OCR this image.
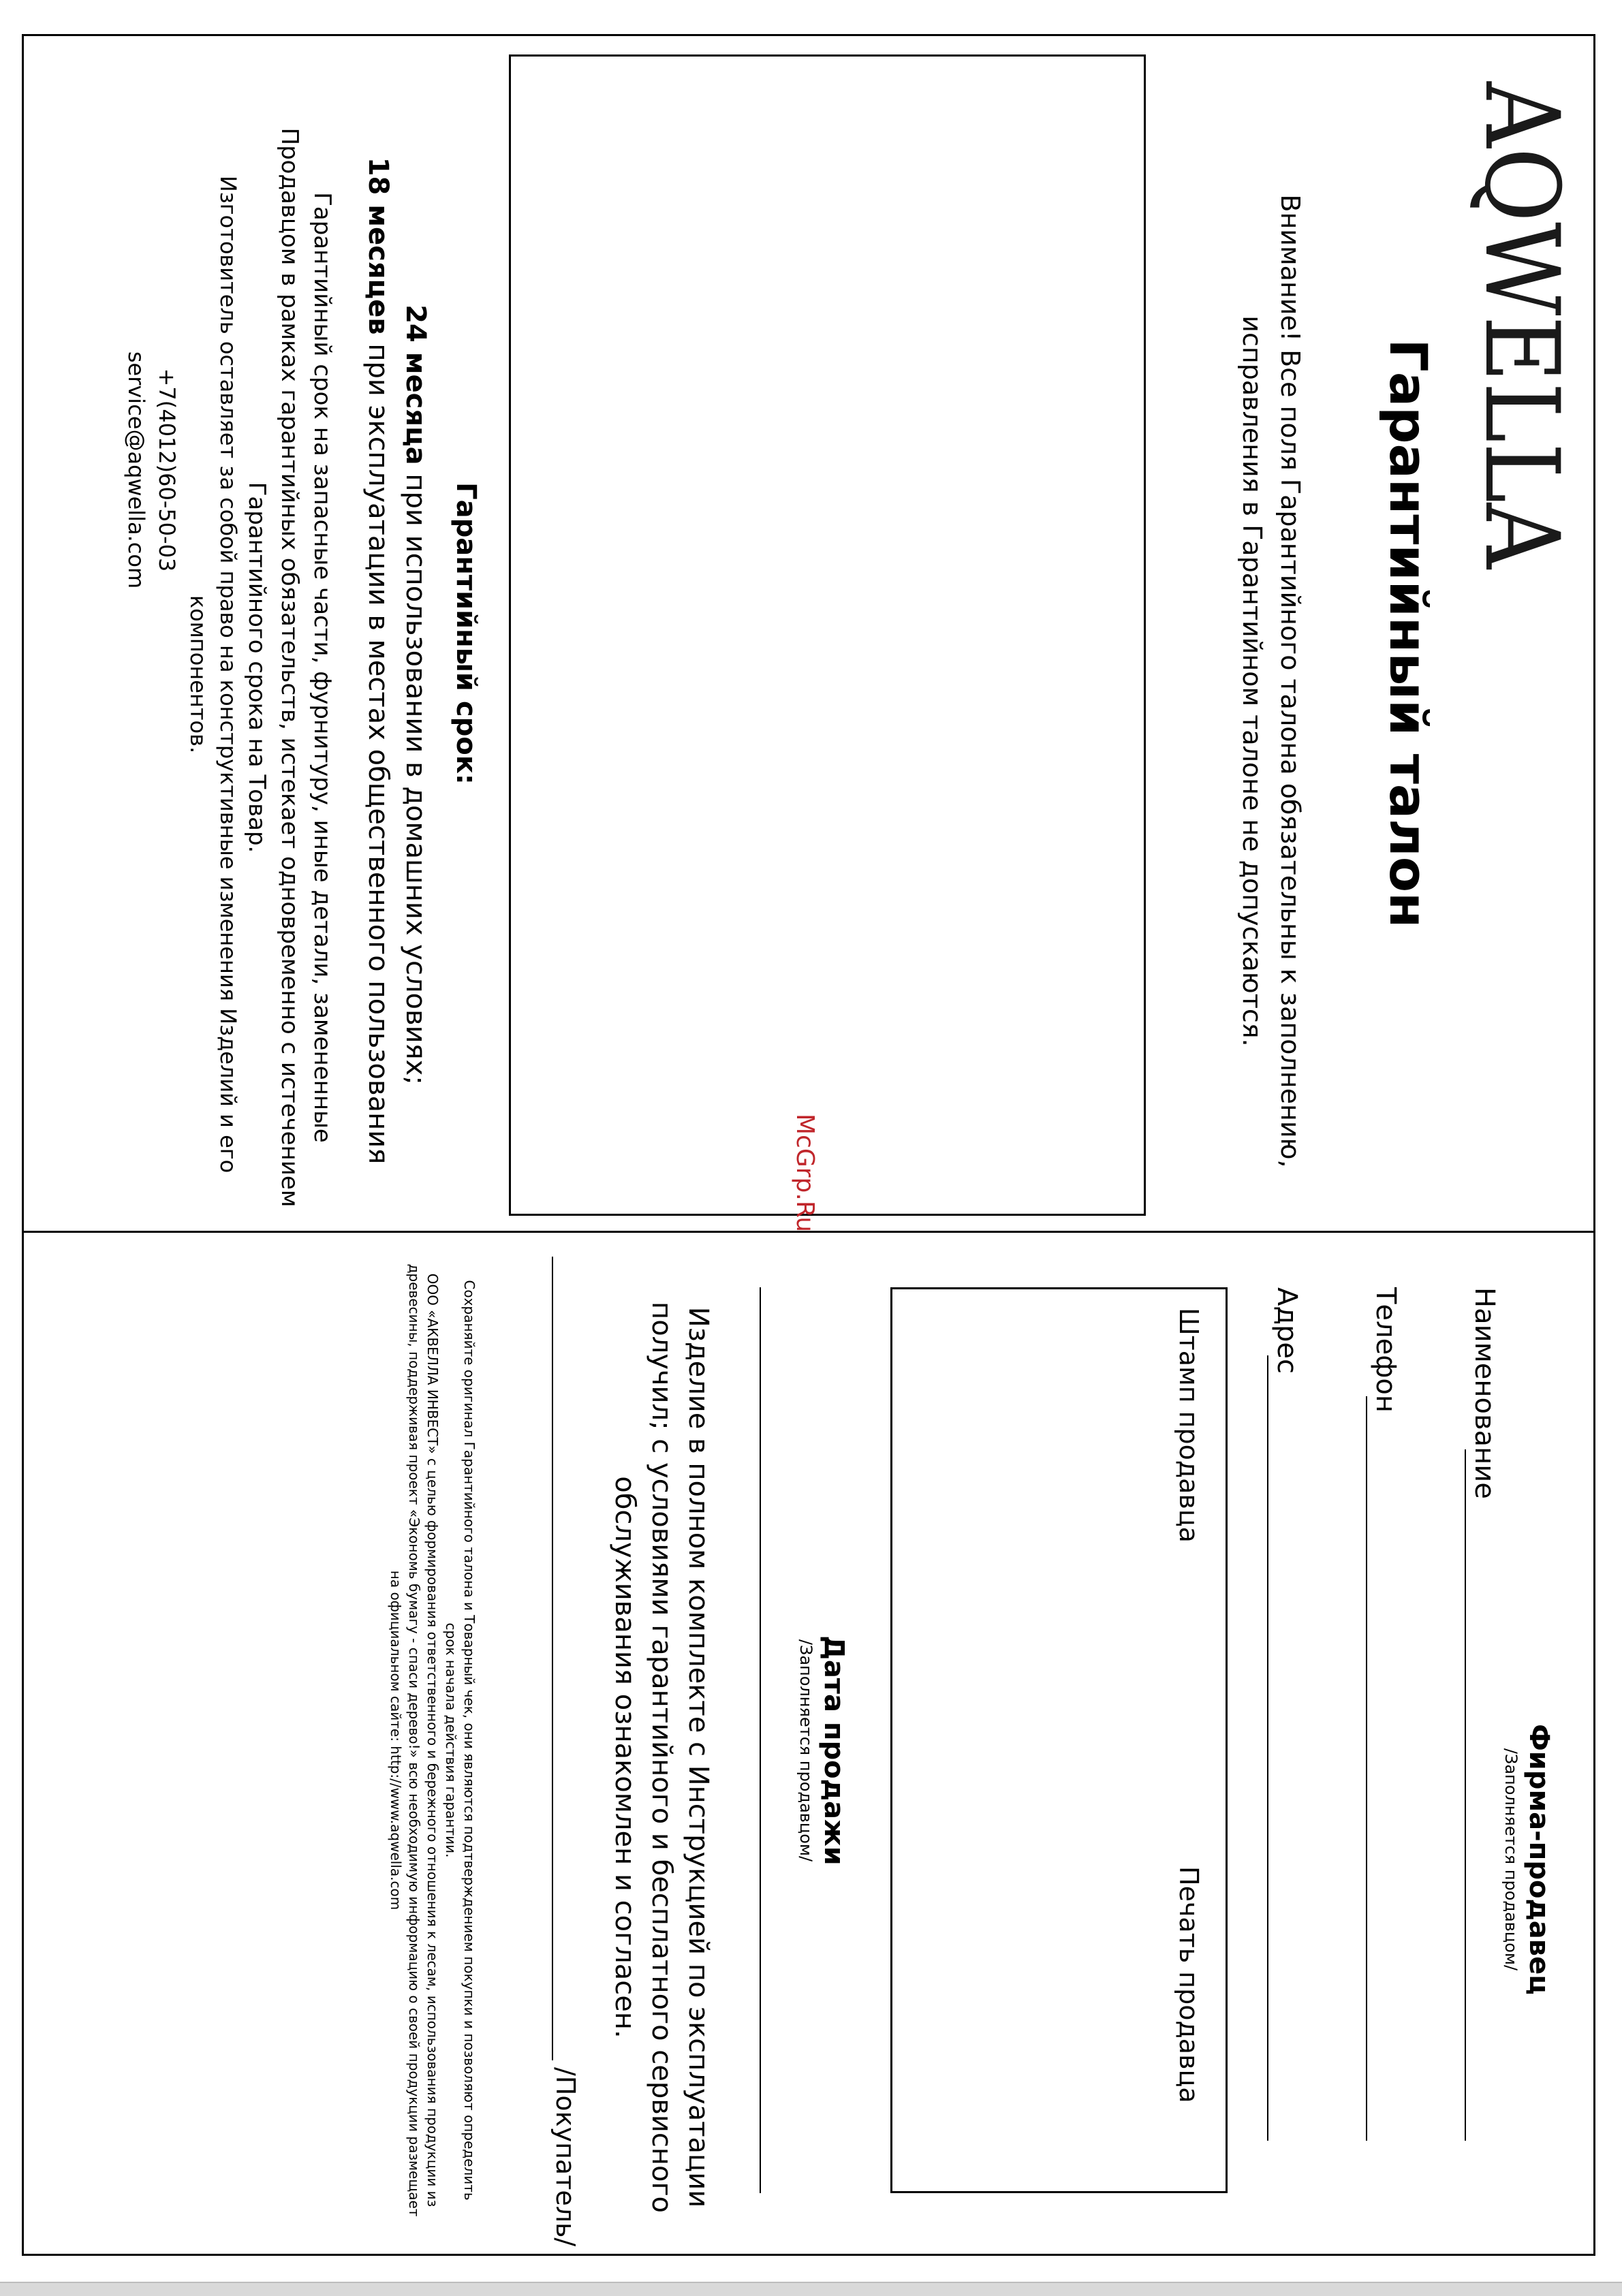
AQWELLA
Гарантийный талон
Внимание! Все поля Гарантийного талона обязательны к заполнению, исправления в Гарантийном талоне не допускаются.
McGrp.Ru
Гарантийный срок:
24 месяца при использовании в домашних условиях;
18 месяцев при эксплуатации в местах общественного пользования
Гарантийный срок на запасные части, фурнитуру, иные детали, замененные Продавцом в рамках гарантийных обязательств, истекает одновременно с истечением Гарантийного срока на Товар.
Изготовитель оставляет за собой право на конструктивные изменения Изделий и его компонентов.
+7(4012)60-50-03
service@aqwella.com
Фирма-продавец
/Заполняется продавцом/
Наименование
Телефон
Адрес
Штамп продавца
Печать продавца
Дата продажи
/Заполняется продавцом/
Изделие в полном комплекте с Инструкцией по эксплуатации получил; с условиями гарантийного и бесплатного сервисного обслуживания ознакомлен и согласен.
/Покупатель/
Сохраняйте оригинал Гарантийного талона и Товарный чек, они являются подтверждением покупки и позволяют определить срок начала действия гарантии.
ООО «АКВЕЛЛА ИНВЕСТ» с целью формирования ответственного и бережного отношения к лесам, использования продукции из древесины, поддерживая проект «Экономь бумагу - спаси дерево!» всю необходимую информацию о своей продукции размещает на официальном сайте: http://www.aqwella.com
